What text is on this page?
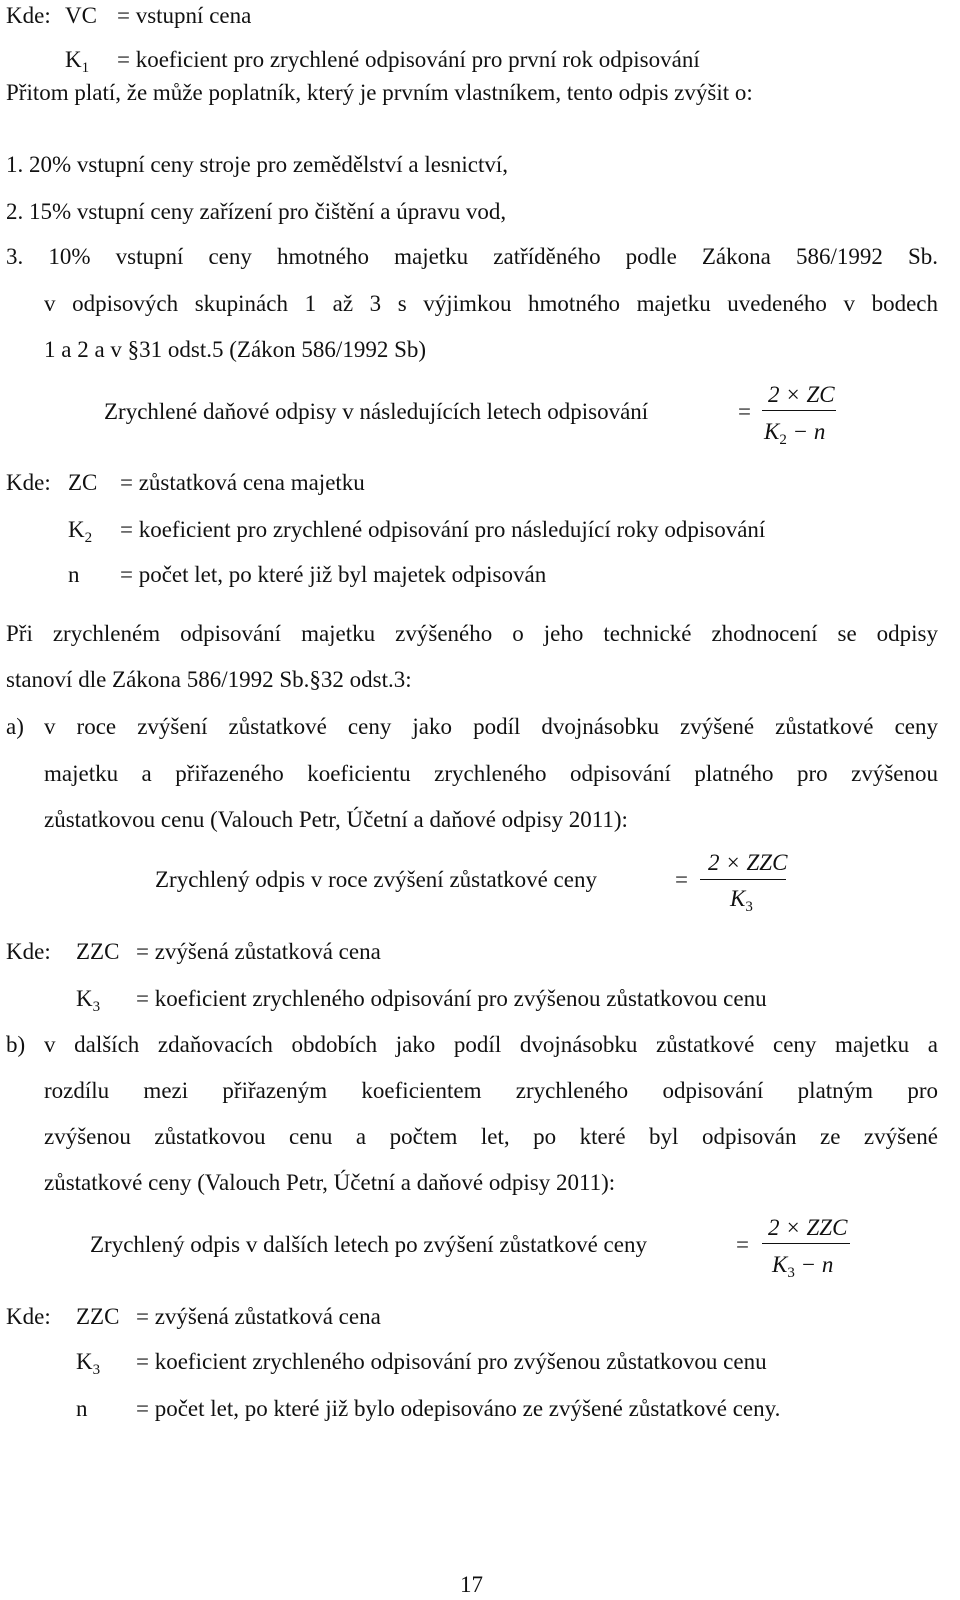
Kde: VC = vstupní cena
$K_1$ = koeficient pro zrychlené odpisování pro první rok odpisování
Přitom platí, že může poplatník, který je prvním vlastníkem, tento odpis zvýšit o:
1. 20% vstupní ceny stroje pro zemědělství a lesnictví,
2. 15% vstupní ceny zařízení pro čištění a úpravu vod,
3. 10% vstupní ceny hmotného majetku zatříděného podle Zákona 586/1992 Sb.
v odpisových skupinách 1 až 3 s výjimkou hmotného majetku uvedeného v bodech
1 a 2 a v §31 odst.5 (Zákon 586/1992 Sb)
Zrychlené daňové odpisy v následujících letech odpisování	=
2 × ZC
$K_2 - n$
Kde: ZC = zůstatková cena majetku
$K_2$ = koeficient pro zrychlené odpisování pro následující roky odpisování
n = počet let, po které již byl majetek odpisován
Při zrychleném odpisování majetku zvýšeného o jeho technické zhodnocení se odpisy
stanoví dle Zákona 586/1992 Sb.§32 odst.3:
a) v roce zvýšení zůstatkové ceny jako podíl dvojnásobku zvýšené zůstatkové ceny
majetku a přiřazeného koeficientu zrychleného odpisování platného pro zvýšenou
zůstatkovou cenu (Valouch Petr, Účetní a daňové odpisy 2011):
Zrychlený odpis v roce zvýšení zůstatkové ceny	=
2 × ZZC
$K_3$
Kde: ZZC = zvýšená zůstatková cena
$K_3$ = koeficient zrychleného odpisování pro zvýšenou zůstatkovou cenu
b) v dalších zdaňovacích obdobích jako podíl dvojnásobku zůstatkové ceny majetku a
rozdílu mezi přiřazeným koeficientem zrychleného odpisování platným pro
zvýšenou zůstatkovou cenu a počtem let, po které byl odpisován ze zvýšené
zůstatkové ceny (Valouch Petr, Účetní a daňové odpisy 2011):
Zrychlený odpis v dalších letech po zvýšení zůstatkové ceny	=
2 × ZZC
$K_3 - n$
Kde: ZZC = zvýšená zůstatková cena
$K_3$ = koeficient zrychleného odpisování pro zvýšenou zůstatkovou cenu
n = počet let, po které již bylo odepisováno ze zvýšené zůstatkové ceny.
17
